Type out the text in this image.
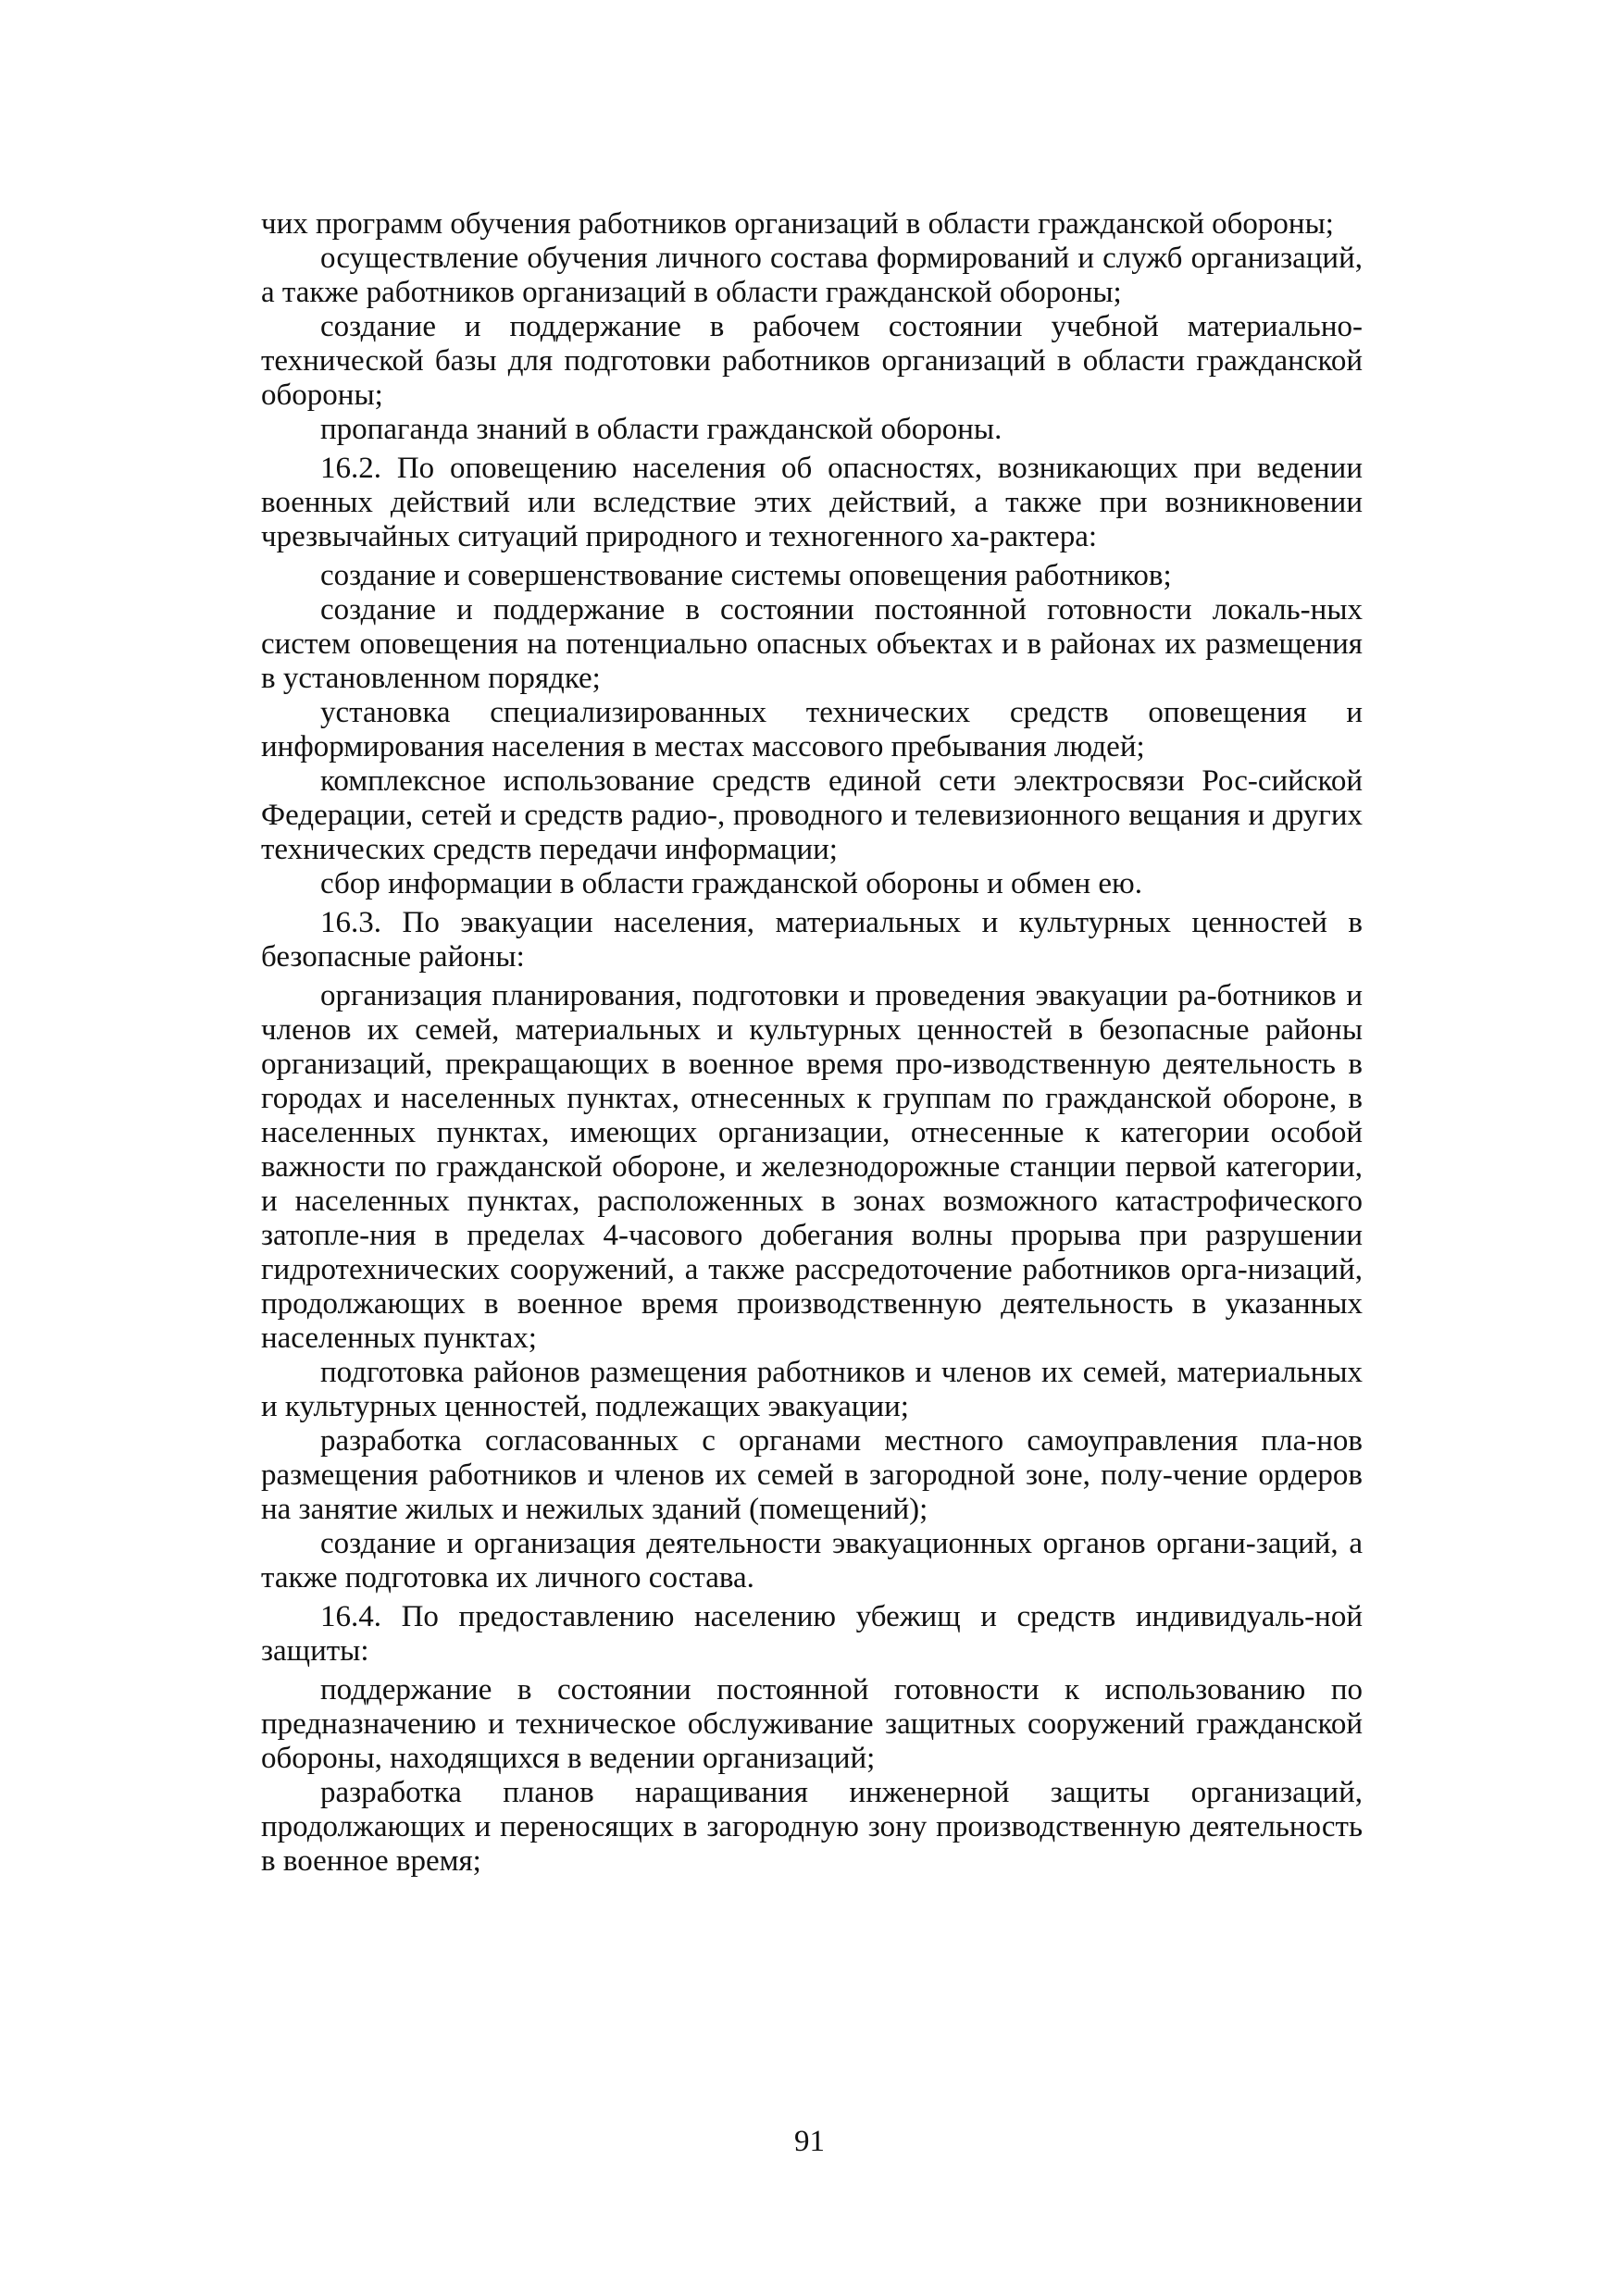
чих программ обучения работников организаций в области гражданской обороны;

осуществление обучения личного состава формирований и служб организаций, а также работников организаций в области гражданской обороны;

создание и поддержание в рабочем состоянии учебной материально-технической базы для подготовки работников организаций в области гражданской обороны;

пропаганда знаний в области гражданской обороны.

16.2. По оповещению населения об опасностях, возникающих при ведении военных действий или вследствие этих действий, а также при возникновении чрезвычайных ситуаций природного и техногенного ха-рактера:

создание и совершенствование системы оповещения работников;

создание и поддержание в состоянии постоянной готовности локаль-ных систем оповещения на потенциально опасных объектах и в районах их размещения в установленном порядке;

установка специализированных технических средств оповещения и информирования населения в местах массового пребывания людей;

комплексное использование средств единой сети электросвязи Рос-сийской Федерации, сетей и средств радио-, проводного и телевизионного вещания и других технических средств передачи информации;

сбор информации в области гражданской обороны и обмен ею.

16.3. По эвакуации населения, материальных и культурных ценностей в безопасные районы:

организация планирования, подготовки и проведения эвакуации ра-ботников и членов их семей, материальных и культурных ценностей в безопасные районы организаций, прекращающих в военное время про-изводственную деятельность в городах и населенных пунктах, отнесенных к группам по гражданской обороне, в населенных пунктах, имеющих организации, отнесенные к категории особой важности по гражданской обороне, и железнодорожные станции первой категории, и населенных пунктах, расположенных в зонах возможного катастрофического затопле-ния в пределах 4-часового добегания волны прорыва при разрушении гидротехнических сооружений, а также рассредоточение работников орга-низаций, продолжающих в военное время производственную деятельность в указанных населенных пунктах;

подготовка районов размещения работников и членов их семей, материальных и культурных ценностей, подлежащих эвакуации;

разработка согласованных с органами местного самоуправления пла-нов размещения работников и членов их семей в загородной зоне, полу-чение ордеров на занятие жилых и нежилых зданий (помещений);

создание и организация деятельности эвакуационных органов органи-заций, а также подготовка их личного состава.

16.4. По предоставлению населению убежищ и средств индивидуаль-ной защиты:

поддержание в состоянии постоянной готовности к использованию по предназначению и техническое обслуживание защитных сооружений гражданской обороны, находящихся в ведении организаций;

разработка планов наращивания инженерной защиты организаций, продолжающих и переносящих в загородную зону производственную деятельность в военное время;

91
